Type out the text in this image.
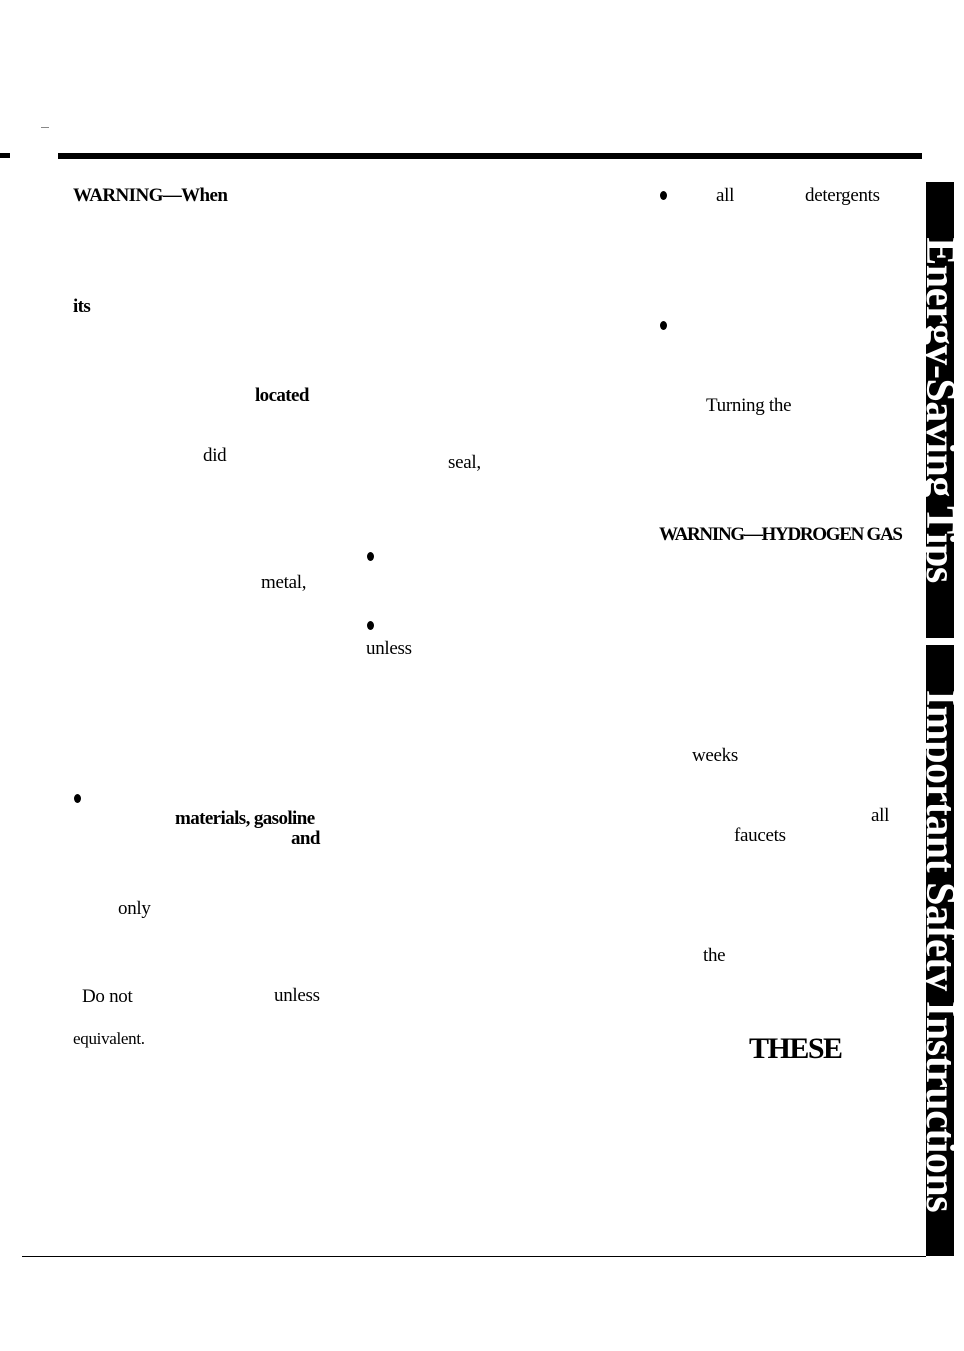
WARNING—When
its
located
did	seal,
metal,
unless
materials, gasoline
and
only
Do not	unless
equivalent.
all	detergents
Turning the
WARNING—HYDROGEN GAS
weeks
all
faucets
the
THESE
Energy-Saving Tips
Important Safety Instructions
